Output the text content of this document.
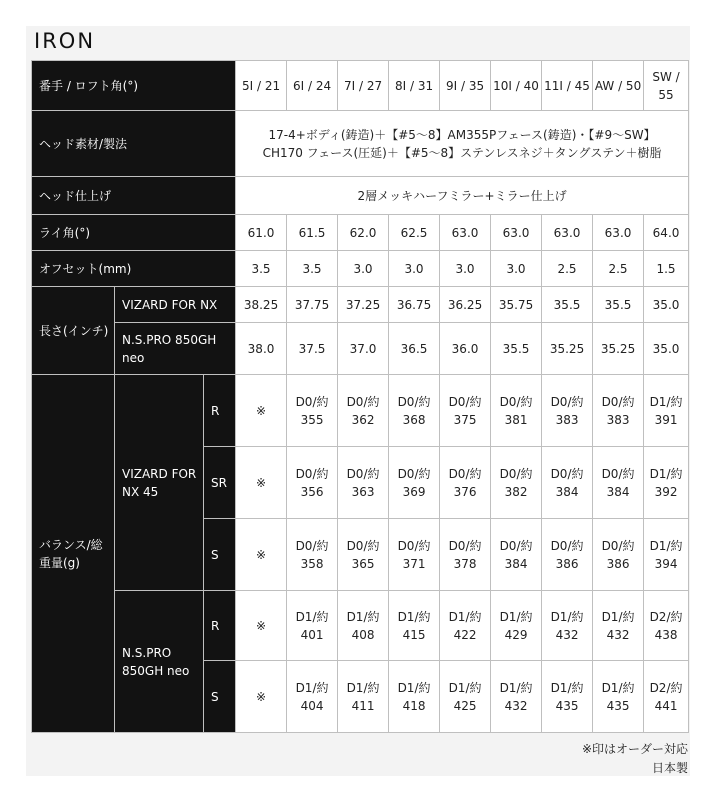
IRON
番手 / ロフト角(°)			5I / 21	6I / 24	7I / 27	8I / 31	9I / 35	10I / 40	11I / 45	AW / 50	SW / 55
ヘッド素材/製法			17-4+ボディ(鋳造)＋【#5～8】AM355Pフェース(鋳造)・【#9～SW】CH170 フェース(圧延)＋【#5～8】ステンレスネジ＋タングステン＋樹脂								
ヘッド仕上げ			2層メッキハーフミラー+ミラー仕上げ								
ライ角(°)			61.0	61.5	62.0	62.5	63.0	63.0	63.0	63.0	64.0
オフセット(mm)			3.5	3.5	3.0	3.0	3.0	3.0	2.5	2.5	1.5
長さ(インチ)	VIZARD FOR NX		38.25	37.75	37.25	36.75	36.25	35.75	35.5	35.5	35.0
	N.S.PRO 850GH neo		38.0	37.5	37.0	36.5	36.0	35.5	35.25	35.25	35.0
バランス/総重量(g)	VIZARD FOR NX 45	R	※	D0/約355	D0/約362	D0/約368	D0/約375	D0/約381	D0/約383	D0/約383	D1/約391
		SR	※	D0/約356	D0/約363	D0/約369	D0/約376	D0/約382	D0/約384	D0/約384	D1/約392
		S	※	D0/約358	D0/約365	D0/約371	D0/約378	D0/約384	D0/約386	D0/約386	D1/約394
	N.S.PRO 850GH neo	R	※	D1/約401	D1/約408	D1/約415	D1/約422	D1/約429	D1/約432	D1/約432	D2/約438
		S	※	D1/約404	D1/約411	D1/約418	D1/約425	D1/約432	D1/約435	D1/約435	D2/約441
※印はオーダー対応
日本製
